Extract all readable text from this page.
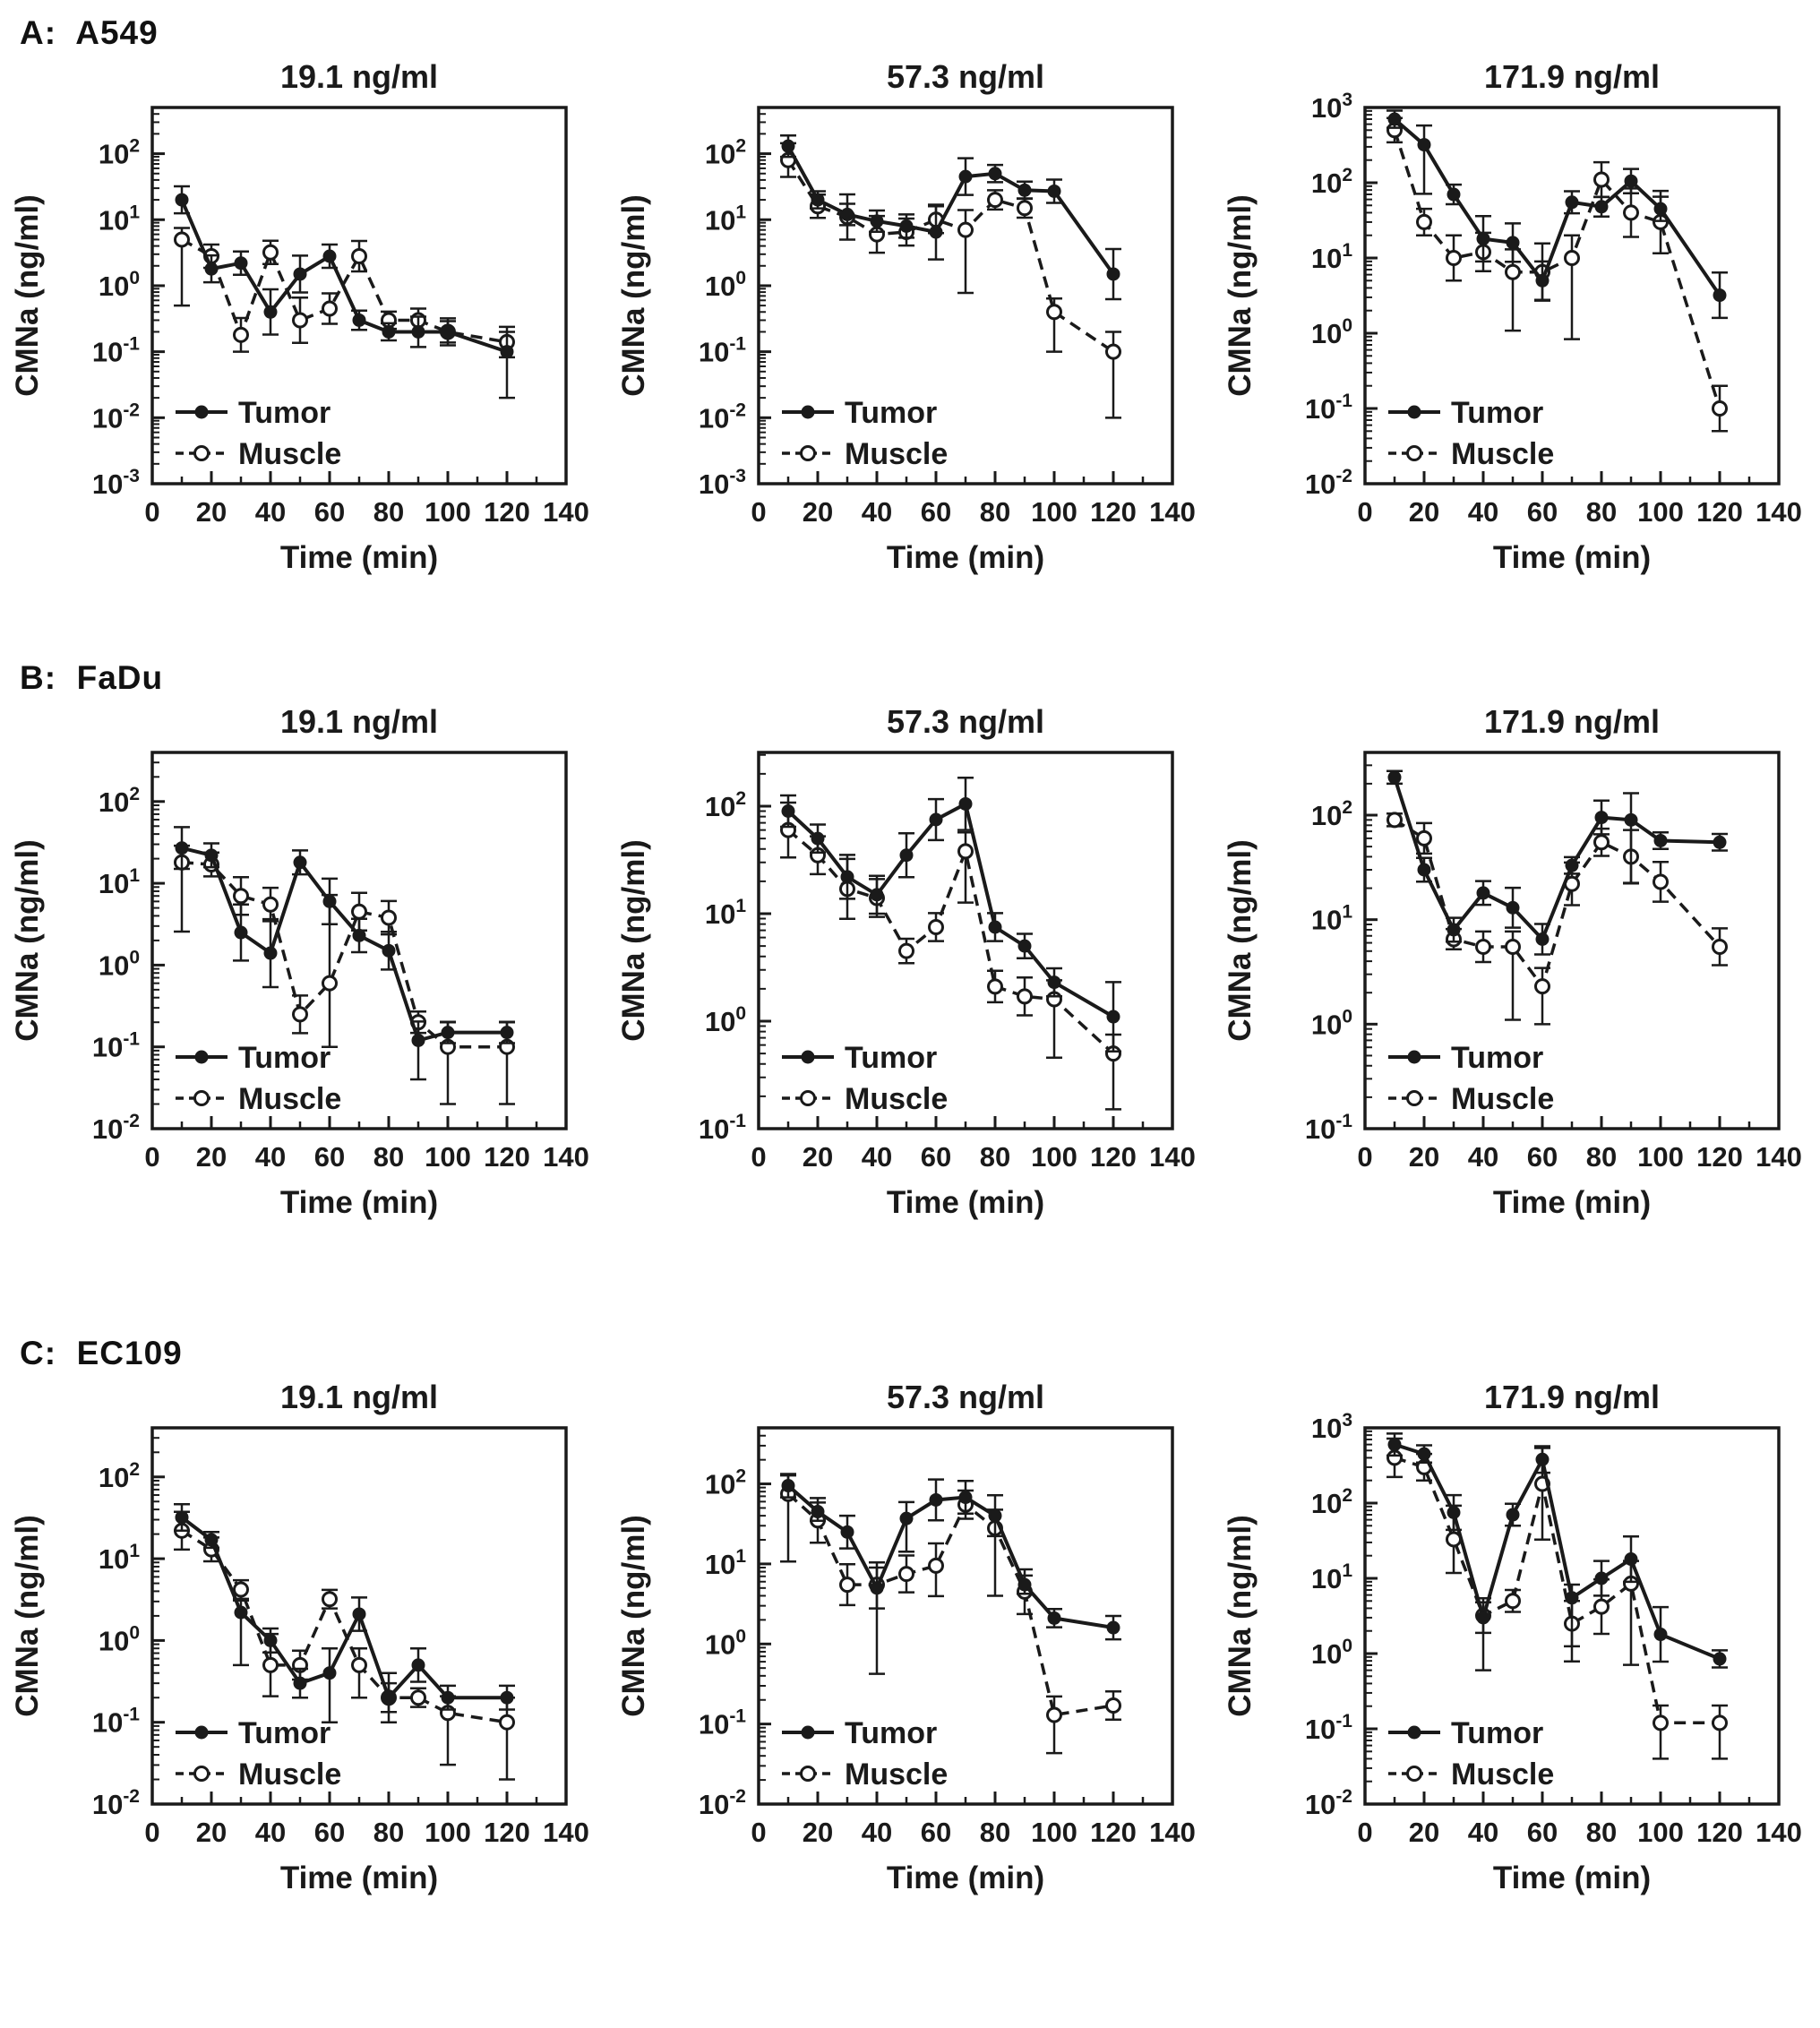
A:  A549
19.1 ng/ml
0 20 40 60 80 100 120 140
$10^{-3}$
$10^{-2}$
$10^{-1}$
$10^0$
$10^1$
$10^2$
Time (min)
CMNa (ng/ml)
Tumor
Muscle
57.3 ng/ml
0 20 40 60 80 100 120 140
$10^{-3}$
$10^{-2}$
$10^{-1}$
$10^0$
$10^1$
$10^2$
Time (min)
CMNa (ng/ml)
Tumor
Muscle
171.9 ng/ml
0 20 40 60 80 100 120 140
$10^{-2}$
$10^{-1}$
$10^0$
$10^1$
$10^2$
$10^3$
Time (min)
CMNa (ng/ml)
Tumor
Muscle
B:  FaDu
19.1 ng/ml
0 20 40 60 80 100 120 140
$10^{-2}$
$10^{-1}$
$10^0$
$10^1$
$10^2$
Time (min)
CMNa (ng/ml)
Tumor
Muscle
57.3 ng/ml
0 20 40 60 80 100 120 140
$10^{-1}$
$10^0$
$10^1$
$10^2$
Time (min)
CMNa (ng/ml)
Tumor
Muscle
171.9 ng/ml
0 20 40 60 80 100 120 140
$10^{-1}$
$10^0$
$10^1$
$10^2$
Time (min)
CMNa (ng/ml)
Tumor
Muscle
C:  EC109
19.1 ng/ml
0 20 40 60 80 100 120 140
$10^{-2}$
$10^{-1}$
$10^0$
$10^1$
$10^2$
Time (min)
CMNa (ng/ml)
Tumor
Muscle
57.3 ng/ml
0 20 40 60 80 100 120 140
$10^{-2}$
$10^{-1}$
$10^0$
$10^1$
$10^2$
Time (min)
CMNa (ng/ml)
Tumor
Muscle
171.9 ng/ml
0 20 40 60 80 100 120 140
$10^{-2}$
$10^{-1}$
$10^0$
$10^1$
$10^2$
$10^3$
Time (min)
CMNa (ng/ml)
Tumor
Muscle
